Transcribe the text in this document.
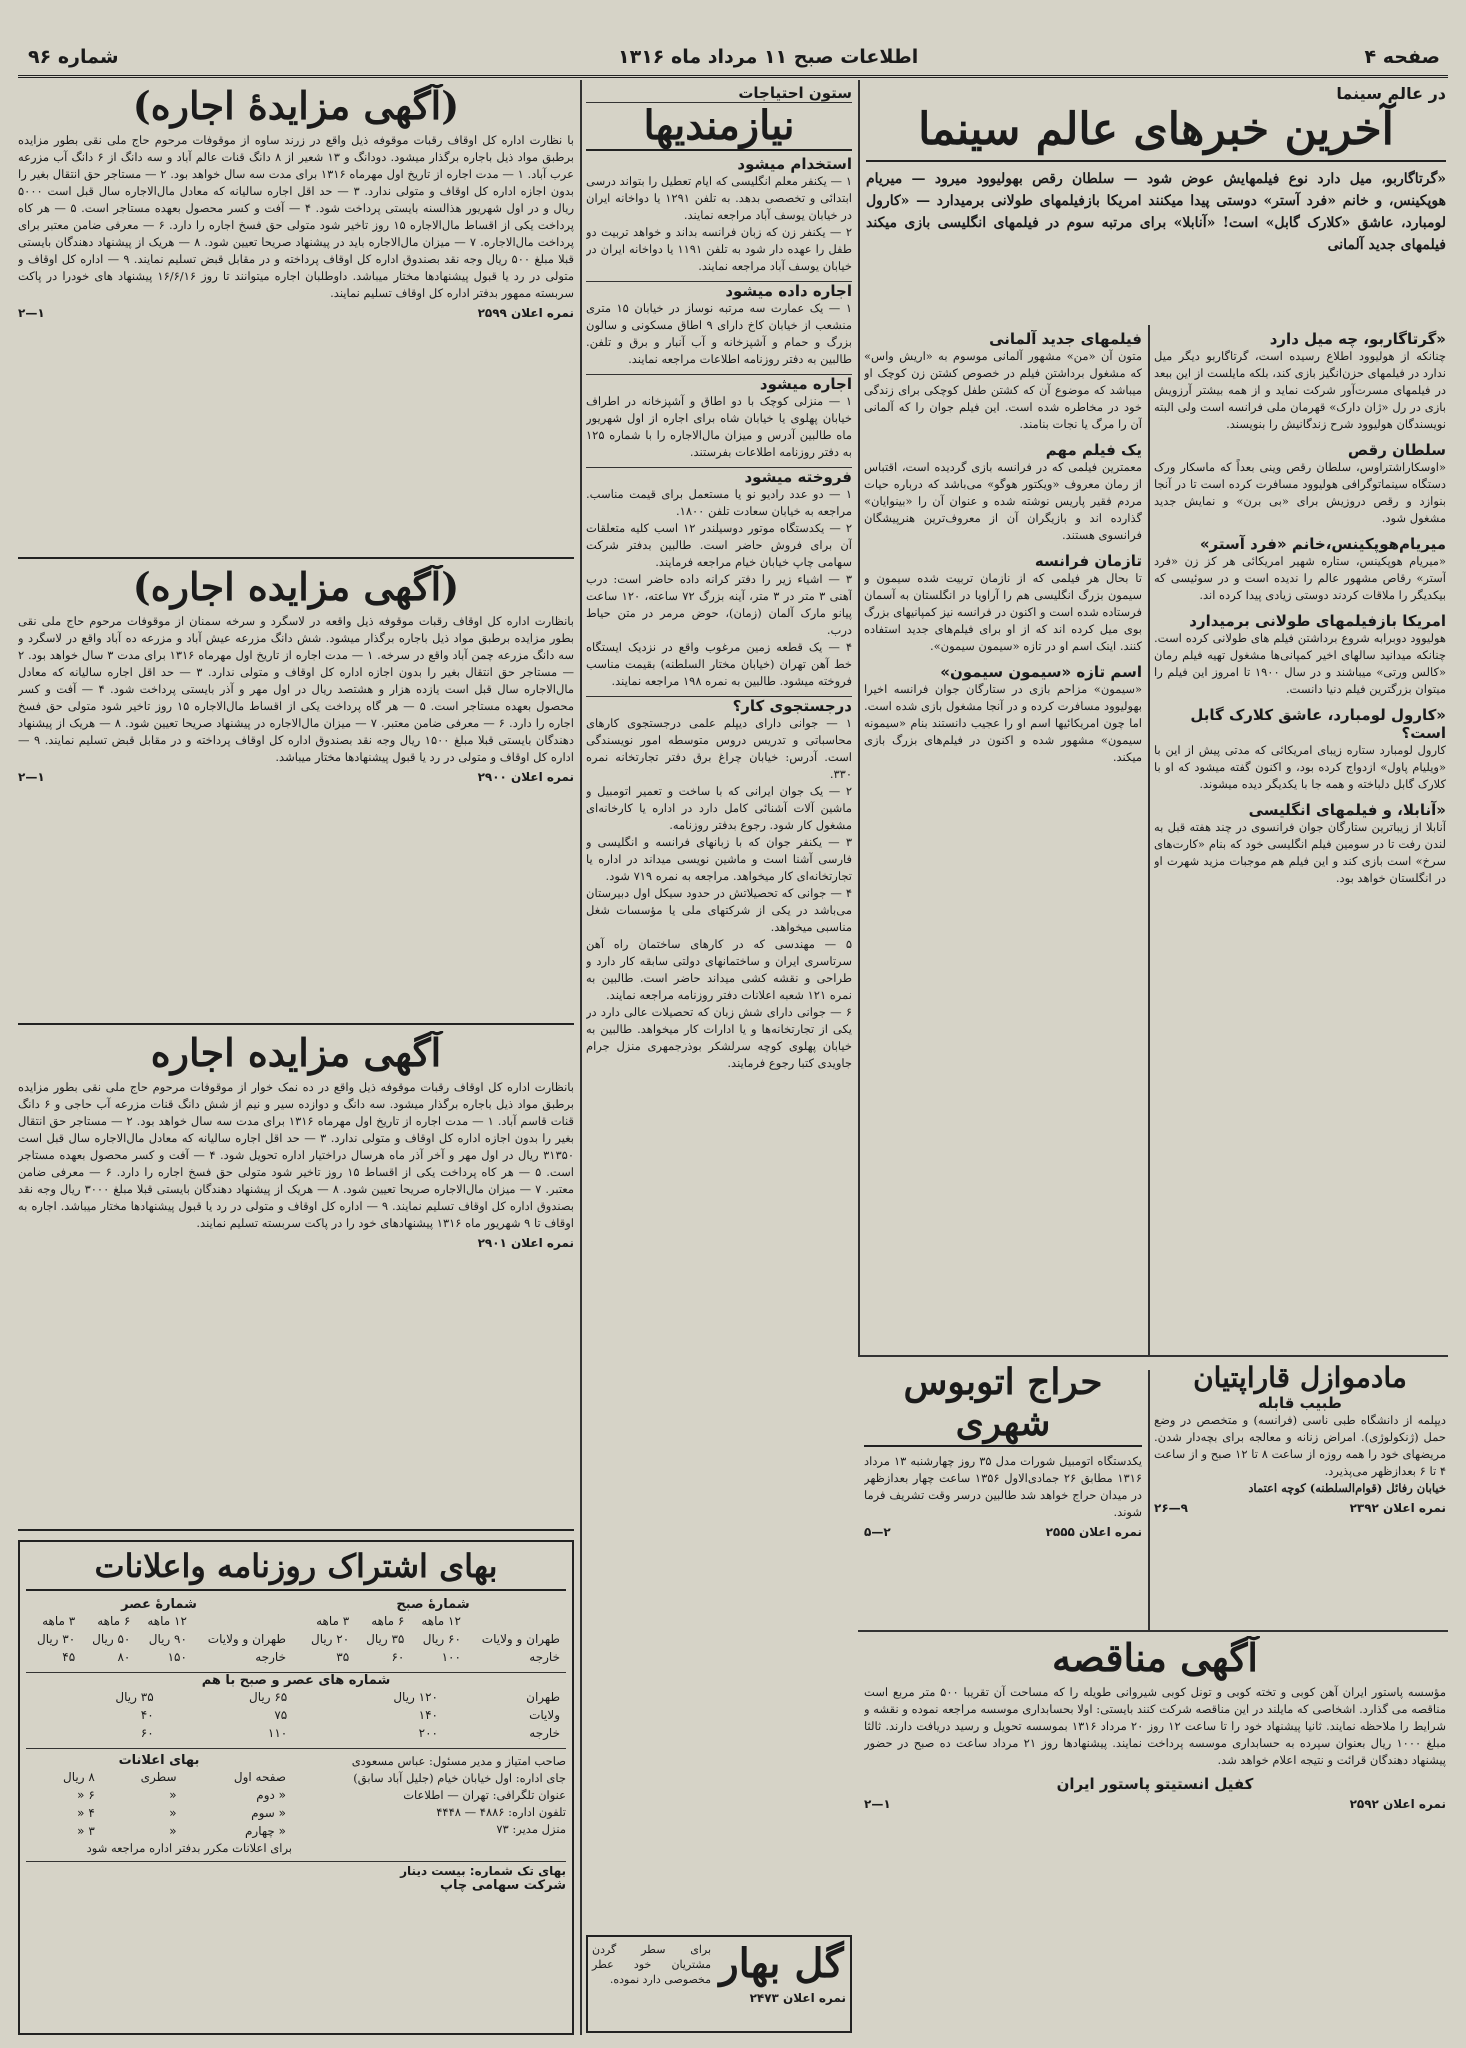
صفحه ۴
اطلاعات صبح ۱۱ مرداد ماه ۱۳۱۶
شماره ۹۶
در عالم سینما
آخرین خبرهای عالم سینما

«گرتاگاربو، میل دارد نوع فیلمهایش عوض شود — سلطان رقص بهولیوود میرود — میریام هوپکینس، و خانم «فرد آستر» دوستی پیدا میکنند امریکا بازفیلمهای طولانی برمیدارد — «کارول لومبارد، عاشق «کلارک گابل» است! «آنابلا» برای مرتبه سوم در فیلمهای انگلیسی بازی میکند فیلمهای جدید آلمانی

«گرتاگاربو، چه میل دارد

چنانکه از هولیوود اطلاع رسیده است، گرتاگاربو دیگر میل ندارد در فیلمهای حزن‌انگیز بازی کند، بلکه مایلست از این ببعد در فیلمهای مسرت‌آور شرکت نماید و از همه بیشتر آرزویش بازی در رل «ژان دارک» قهرمان ملی فرانسه است ولی البته نویسندگان هولیوود شرح زندگانیش را بنویسند.

سلطان رقص

«اوسکاراشتراوس، سلطان رقص وینی بعداً که ماسکار ورک دستگاه سینماتوگرافی هولیوود مسافرت کرده است تا در آنجا بنوازد و رقص دروزیش برای «بی برن» و نمایش جدید مشغول شود.

میریام‌هوپکینس،خانم «فرد آستر»

«میریام هوپکینس، ستاره شهیر امریکائی هر کز زن «فرد آستر» رقاص مشهور عالم را ندیده است و در سوئیسی که بیکدیگر را ملاقات کردند دوستی زیادی پیدا کرده اند.

امریکا بازفیلمهای طولانی برمیدارد

هولیوود دوبرابه شروع برداشتن فیلم های طولانی کرده است. چنانکه میدانید سالهای اخیر کمپانی‌ها مشغول تهیه فیلم رمان «کالس ورتی» میباشند و در سال ۱۹۰۰ تا امروز این فیلم را میتوان بزرگترین فیلم دنیا دانست.

«کارول لومبارد، عاشق کلارک گابل است؟

کارول لومبارد ستاره زیبای امریکائی که مدتی پیش از این با «ویلیام پاول» ازدواج کرده بود، و اکنون گفته میشود که او با کلارک گابل دلباخته و همه جا با یکدیگر دیده میشوند.

«آنابلا، و فیلمهای انگلیسی

آنابلا از زیباترین ستارگان جوان فرانسوی در چند هفته قبل به لندن رفت تا در سومین فیلم انگلیسی خود که بنام «کارت‌های سرخ» است بازی کند و این فیلم هم موجبات مزید شهرت او در انگلستان خواهد بود.

فیلمهای جدید آلمانی

متون آن «من» مشهور آلمانی موسوم به «اریش واس» که مشغول برداشتن فیلم در خصوص کشتن زن کوچک او میباشد که موضوع آن که کشتن طفل کوچکی برای زندگی خود در مخاطره شده است. این فیلم جوان را که آلمانی آن را مرگ یا نجات بنامند.

یک فیلم مهم

معمترین فیلمی که در فرانسه بازی گردیده است، اقتباس از رمان معروف «ویکتور هوگو» می‌باشد که درباره حیات مردم فقیر پاریس نوشته شده و عنوان آن را «بینوایان» گذارده اند و بازیگران آن از معروف‌ترین هنرپیشگان فرانسوی هستند.

تازمان فرانسه

تا بحال هر فیلمی که از نازمان تربیت شده سیمون و سیمون بزرگ انگلیسی هم را آراویا در انگلستان به آسمان فرستاده شده است و اکنون در فرانسه نیز کمپانیهای بزرگ بوی میل کرده اند که از او برای فیلم‌های جدید استفاده کنند. اینک اسم او در تازه «سیمون سیمون».

اسم تازه «سیمون سیمون»

«سیمون» مزاحم بازی در ستارگان جوان فرانسه اخیرا بهولیوود مسافرت کرده و در آنجا مشغول بازی شده است. اما چون امریکائیها اسم او را عجیب دانستند بنام «سیمونه سیمون» مشهور شده و اکنون در فیلم‌های بزرگ بازی میکند.

ستون احتیاجات
نیازمندیها
استخدام میشود

۱ — یکنفر معلم انگلیسی که ایام تعطیل را بتواند درسی ابتدائی و تخصصی بدهد. به تلفن ۱۲۹۱ یا دواخانه ایران در خیابان یوسف آباد مراجعه نمایند.

۲ — یکنفر زن که زبان فرانسه بداند و خواهد تربیت دو طفل را عهده دار شود به تلفن ۱۱۹۱ یا دواخانه ایران در خیابان یوسف آباد مراجعه نمایند.

اجاره داده میشود

۱ — یک عمارت سه مرتبه نوساز در خیابان ۱۵ متری منشعب از خیابان کاخ دارای ۹ اطاق مسکونی و سالون بزرگ و حمام و آشپزخانه و آب آنبار و برق و تلفن. طالبین به دفتر روزنامه اطلاعات مراجعه نمایند.

اجاره میشود

۱ — منزلی کوچک با دو اطاق و آشپزخانه در اطراف خیابان پهلوی یا خیابان شاه برای اجاره از اول شهریور ماه طالبین آدرس و میزان مال‌الاجاره را با شماره ۱۲۵ به دفتر روزنامه اطلاعات بفرستند.

فروخته میشود

۱ — دو عدد رادیو نو یا مستعمل برای قیمت مناسب. مراجعه به خیابان سعادت تلفن ۱۸۰۰.

۲ — یکدستگاه موتور دوسیلندر ۱۲ اسب کلیه متعلقات آن برای فروش حاضر است. طالبین بدفتر شرکت سهامی چاپ خیابان خیام مراجعه فرمایند.

۳ — اشیاء زیر را دفتر کرانه داده حاضر است: درب آهنی ۳ متر در ۳ متر، آینه بزرگ ۷۲ ساعته، ۱۲۰ ساعت پیانو مارک آلمان (زمان)، حوض مرمر در متن حیاط درب.

۴ — یک قطعه زمین مرغوب واقع در نزدیک ایستگاه خط آهن تهران (خیابان مختار السلطنه) بقیمت مناسب فروخته میشود. طالبین به نمره ۱۹۸ مراجعه نمایند.

درجستجوی کار؟

۱ — جوانی دارای دیپلم علمی درجستجوی کارهای محاسباتی و تدریس دروس متوسطه امور نویسندگی است. آدرس: خیابان چراغ برق دفتر تجارتخانه نمره ۳۳۰.

۲ — یک جوان ایرانی که با ساخت و تعمیر اتومبیل و ماشین آلات آشنائی کامل دارد در اداره یا کارخانه‌ای مشغول کار شود. رجوع بدفتر روزنامه.

۳ — یکنفر جوان که با زبانهای فرانسه و انگلیسی و فارسی آشنا است و ماشین نویسی میداند در اداره یا تجارتخانه‌ای کار میخواهد. مراجعه به نمره ۷۱۹ شود.

۴ — جوانی که تحصیلاتش در حدود سیکل اول دبیرستان می‌باشد در یکی از شرکتهای ملی یا مؤسسات شغل مناسبی میخواهد.

۵ — مهندسی که در کارهای ساختمان راه آهن سرتاسری ایران و ساختمانهای دولتی سابقه کار دارد و طراحی و نقشه کشی میداند حاضر است. طالبین به نمره ۱۲۱ شعبه اعلانات دفتر روزنامه مراجعه نمایند.

۶ — جوانی دارای شش زبان که تحصیلات عالی دارد در یکی از تجارتخانه‌ها و یا ادارات کار میخواهد. طالبین به خیابان پهلوی کوچه سرلشکر بوذرجمهری منزل جرام جاویدی کتبا رجوع فرمایند.

گل بهار

برای سطر گردن مشتریان خود عطر مخصوصی دارد نموده.

نمره اعلان ۲۴۷۳
(آگهی مزایدهٔ اجاره)

با نظارت اداره کل اوقاف رقبات موقوفه ذیل واقع در زرند ساوه از موقوفات مرحوم حاج ملی نقی بطور مزایده برطبق مواد ذیل باجاره برگذار میشود. دودانگ و ۱۳ شعیر از ۸ دانگ قنات عالم آباد و سه دانگ از ۶ دانگ آب مزرعه عرب آباد. ۱ — مدت اجاره از تاریخ اول مهرماه ۱۳۱۶ برای مدت سه سال خواهد بود. ۲ — مستاجر حق انتقال بغیر را بدون اجازه اداره کل اوقاف و متولی ندارد. ۳ — حد اقل اجاره سالیانه که معادل مال‌الاجاره سال قبل است ۵۰۰۰ ریال و در اول شهریور هذالسنه بایستی پرداخت شود. ۴ — آفت و کسر محصول بعهده مستاجر است. ۵ — هر کاه پرداخت یکی از اقساط مال‌الاجاره ۱۵ روز تاخیر شود متولی حق فسخ اجاره را دارد. ۶ — معرفی ضامن معتبر برای پرداخت مال‌الاجاره. ۷ — میزان مال‌الاجاره باید در پیشنهاد صریحا تعیین شود. ۸ — هریک از پیشنهاد دهندگان بایستی قبلا مبلغ ۵۰۰ ریال وجه نقد بصندوق اداره کل اوقاف پرداخته و در مقابل قبض تسلیم نمایند. ۹ — اداره کل اوقاف و متولی در رد یا قبول پیشنهادها مختار میباشد. داوطلبان اجاره میتوانند تا روز ۱۶/۶/۱۶ پیشنهاد های خودرا در پاکت سربسته ممهور بدفتر اداره کل اوقاف تسلیم نمایند.

نمره اعلان ۲۵۹۹
۱—۲
(آگهی مزایده اجاره)

بانظارت اداره کل اوقاف رقبات موقوفه ذیل واقعه در لاسگرد و سرخه سمنان از موقوفات مرحوم حاج ملی نقی بطور مزایده برطبق مواد ذیل باجاره برگذار میشود. شش دانگ مزرعه عیش آباد و مزرعه ده آباد واقع در لاسگرد و سه دانگ مزرعه چمن آباد واقع در سرخه. ۱ — مدت اجاره از تاریخ اول مهرماه ۱۳۱۶ برای مدت ۳ سال خواهد بود. ۲ — مستاجر حق انتقال بغیر را بدون اجازه اداره کل اوقاف و متولی ندارد. ۳ — حد اقل اجاره سالیانه که معادل مال‌الاجاره سال قبل است یازده هزار و هشتصد ریال در اول مهر و آذر بایستی پرداخت شود. ۴ — آفت و کسر محصول بعهده مستاجر است. ۵ — هر گاه پرداخت یکی از اقساط مال‌الاجاره ۱۵ روز تاخیر شود متولی حق فسخ اجاره را دارد. ۶ — معرفی ضامن معتبر. ۷ — میزان مال‌الاجاره در پیشنهاد صریحا تعیین شود. ۸ — هریک از پیشنهاد دهندگان بایستی قبلا مبلغ ۱۵۰۰ ریال وجه نقد بصندوق اداره کل اوقاف پرداخته و در مقابل قبض تسلیم نمایند. ۹ — اداره کل اوقاف و متولی در رد یا قبول پیشنهادها مختار میباشد.

نمره اعلان ۲۹۰۰
۱—۲
آگهی مزایده اجاره

بانظارت اداره کل اوقاف رقبات موقوفه ذیل واقع در ده نمک خوار از موقوفات مرحوم حاج ملی نقی بطور مزایده برطبق مواد ذیل باجاره برگذار میشود. سه دانگ و دوازده سیر و نیم از شش دانگ قنات مزرعه آب حاجی و ۶ دانگ قنات قاسم آباد. ۱ — مدت اجاره از تاریخ اول مهرماه ۱۳۱۶ برای مدت سه سال خواهد بود. ۲ — مستاجر حق انتقال بغیر را بدون اجازه اداره کل اوقاف و متولی ندارد. ۳ — حد اقل اجاره سالیانه که معادل مال‌الاجاره سال قبل است ۳۱۳۵۰ ریال در اول مهر و آخر آذر ماه هرسال دراختیار اداره تحویل شود. ۴ — آفت و کسر محصول بعهده مستاجر است. ۵ — هر کاه پرداخت یکی از اقساط ۱۵ روز تاخیر شود متولی حق فسخ اجاره را دارد. ۶ — معرفی ضامن معتبر. ۷ — میزان مال‌الاجاره صریحا تعیین شود. ۸ — هریک از پیشنهاد دهندگان بایستی قبلا مبلغ ۳۰۰۰ ریال وجه نقد بصندوق اداره کل اوقاف تسلیم نمایند. ۹ — اداره کل اوقاف و متولی در رد یا قبول پیشنهادها مختار میباشد. اجاره به اوقاف تا ۹ شهریور ماه ۱۳۱۶ پیشنهادهای خود را در پاکت سربسته تسلیم نمایند.

نمره اعلان ۲۹۰۱
بهای اشتراک روزنامه واعلانات
شمارهٔ صبح
	۱۲ ماهه	۶ ماهه	۳ ماهه
طهران و ولایات	۶۰ ریال	۳۵ ریال	۲۰ ریال
خارجه	۱۰۰	۶۰	۳۵
شمارهٔ عصر
	۱۲ ماهه	۶ ماهه	۳ ماهه
طهران و ولایات	۹۰ ریال	۵۰ ریال	۳۰ ریال
خارجه	۱۵۰	۸۰	۴۵
شماره های عصر و صبح با هم
طهران	۱۲۰ ریال	۶۵ ریال	۳۵ ریال
ولایات	۱۴۰	۷۵	۴۰
خارجه	۲۰۰	۱۱۰	۶۰

صاحب امتیاز و مدیر مسئول: عباس مسعودی

جای اداره: اول خیابان خیام (جلیل آباد سابق)

عنوان تلگرافی: تهران — اطلاعات

تلفون اداره: ۴۸۸۶ — ۴۴۴۸

منزل مدیر: ۷۳

بهای اعلانات
صفحه اول	سطری	۸ ریال
« دوم	«	۶ «
« سوم	«	۴ «
« چهارم	«	۳ «

برای اعلانات مکرر بدفتر اداره مراجعه شود

بهای تک شماره: بیست دینار
شرکت سهامی چاپ
مادموازل قاراپتیان
طبیب قابله

دیپلمه از دانشگاه طبی ناسی (فرانسه) و متخصص در وضع حمل (ژنکولوژی). امراض زنانه و معالجه برای بچه‌دار شدن. مریضهای خود را همه روزه از ساعت ۸ تا ۱۲ صبح و از ساعت ۴ تا ۶ بعدازظهر می‌پذیرد.

خیابان رفائل (قوام‌السلطنه) کوچه اعتماد

نمره اعلان ۲۳۹۲
۹—۲۶
حراج اتوبوس شهری

یکدستگاه اتومبیل شورات مدل ۳۵ روز چهارشنبه ۱۳ مرداد ۱۳۱۶ مطابق ۲۶ جمادی‌الاول ۱۳۵۶ ساعت چهار بعدازظهر در میدان حراج خواهد شد طالبین درسر وقت تشریف فرما شوند.

نمره اعلان ۲۵۵۵
۲—۵
آگهی مناقصه

مؤسسه پاستور ایران آهن کوبی و تخته کوبی و تونل کوبی شیروانی طویله را که مساحت آن تقریبا ۵۰۰ متر مربع است مناقصه می گذارد. اشخاصی که مایلند در این مناقصه شرکت کنند بایستی: اولا بحسابداری موسسه مراجعه نموده و نقشه و شرایط را ملاحظه نمایند. ثانیا پیشنهاد خود را تا ساعت ۱۲ روز ۲۰ مرداد ۱۳۱۶ بموسسه تحویل و رسید دریافت دارند. ثالثا مبلغ ۱۰۰۰ ریال بعنوان سپرده به حسابداری موسسه پرداخت نمایند. پیشنهادها روز ۲۱ مرداد ساعت ده صبح در حضور پیشنهاد دهندگان قرائت و نتیجه اعلام خواهد شد.

کفیل انستیتو پاستور ایران
نمره اعلان ۲۵۹۲
۱—۲
